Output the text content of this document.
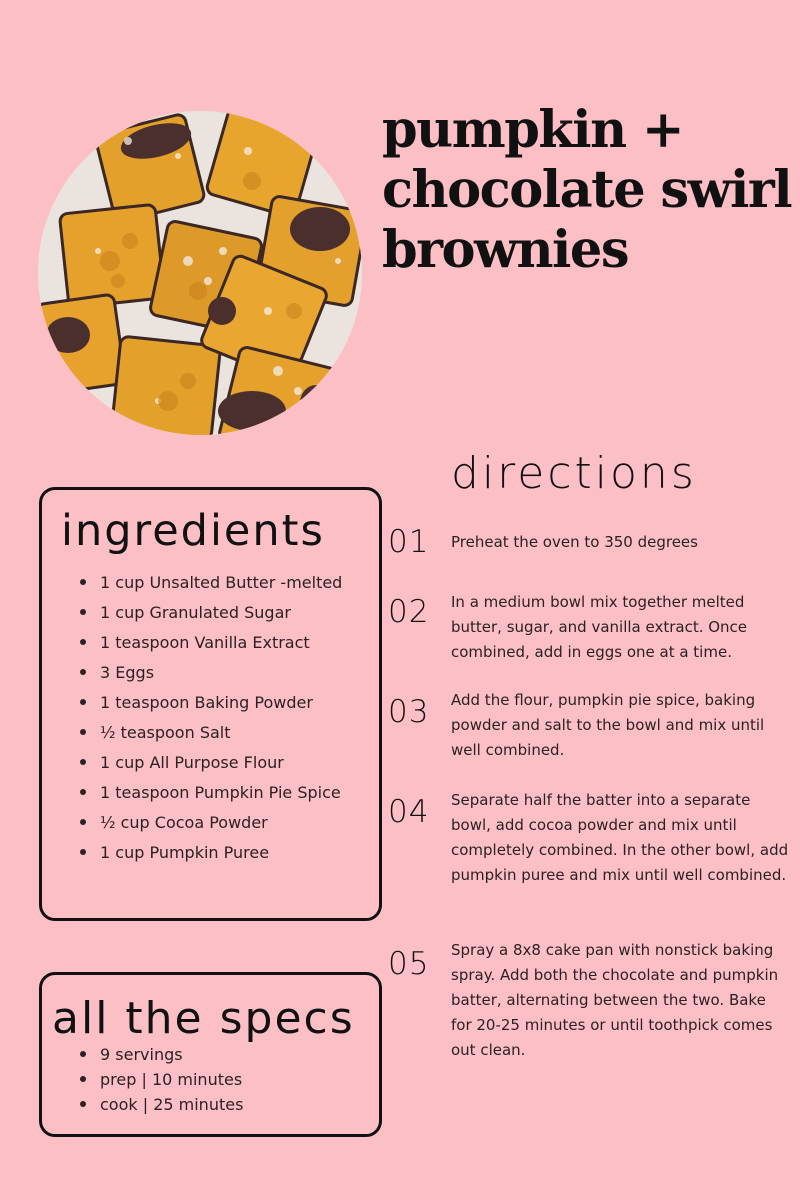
pumpkin +
chocolate swirl
brownies
ingredients
1 cup Unsalted Butter -melted
1 cup Granulated Sugar
1 teaspoon Vanilla Extract
3 Eggs
1 teaspoon Baking Powder
½ teaspoon Salt
1 cup All Purpose Flour
1 teaspoon Pumpkin Pie Spice
½ cup Cocoa Powder
1 cup Pumpkin Puree
all the specs
9 servings
prep | 10 minutes
cook | 25 minutes
directions
01 Preheat the oven to 350 degrees

02 In a medium bowl mix together melted butter, sugar, and vanilla extract. Once combined, add in eggs one at a time.

03 Add the flour, pumpkin pie spice, baking powder and salt to the bowl and mix until well combined.

04 Separate half the batter into a separate bowl, add cocoa powder and mix until completely combined. In the other bowl, add pumpkin puree and mix until well combined.

05 Spray a 8x8 cake pan with nonstick baking spray. Add both the chocolate and pumpkin batter, alternating between the two. Bake for 20-25 minutes or until toothpick comes out clean.
